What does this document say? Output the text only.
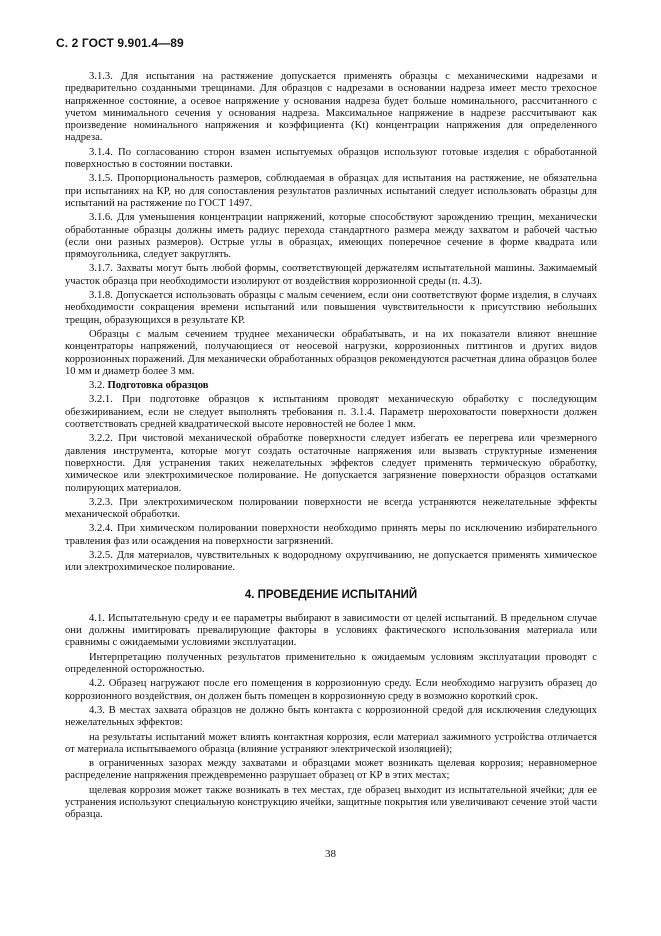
С. 2 ГОСТ 9.901.4—89

3.1.3. Для испытания на растяжение допускается применять образцы с механическими надрезами и предварительно созданными трещинами. Для образцов с надрезами в основании надреза имеет место трехосное напряженное состояние, а осевое напряжение у основания надреза будет больше номинального, рассчитанного с учетом минимального сечения у основания надреза. Максимальное напряжение в надрезе рассчитывают как произведение номинального напряжения и коэффициента (Kt) концентрации напряжения для определенного надреза.

3.1.4. По согласованию сторон взамен испытуемых образцов используют готовые изделия с обработанной поверхностью в состоянии поставки.

3.1.5. Пропорциональность размеров, соблюдаемая в образцах для испытания на растяжение, не обязательна при испытаниях на КР, но для сопоставления результатов различных испытаний следует использовать образцы для испытаний на растяжение по ГОСТ 1497.

3.1.6. Для уменьшения концентрации напряжений, которые способствуют зарождению трещин, механически обработанные образцы должны иметь радиус перехода стандартного размера между захватом и рабочей частью (если они разных размеров). Острые углы в образцах, имеющих поперечное сечение в форме квадрата или прямоугольника, следует закруглять.

3.1.7. Захваты могут быть любой формы, соответствующей держателям испытательной машины. Зажимаемый участок образца при необходимости изолируют от воздействия коррозионной среды (п. 4.3).

3.1.8. Допускается использовать образцы с малым сечением, если они соответствуют форме изделия, в случаях необходимости сокращения времени испытаний или повышения чувствительности к присутствию небольших трещин, образующихся в результате КР.

Образцы с малым сечением труднее механически обрабатывать, и на их показатели влияют внешние концентраторы напряжений, получающиеся от неосевой нагрузки, коррозионных питтингов и других видов коррозионных поражений. Для механически обработанных образцов рекомендуются расчетная длина образцов более 10 мм и диаметр более 3 мм.

3.2. Подготовка образцов

3.2.1. При подготовке образцов к испытаниям проводят механическую обработку с последующим обезжириванием, если не следует выполнять требования п. 3.1.4. Параметр шероховатости поверхности должен соответствовать средней квадратической высоте неровностей не более 1 мкм.

3.2.2. При чистовой механической обработке поверхности следует избегать ее перегрева или чрезмерного давления инструмента, которые могут создать остаточные напряжения или вызвать структурные изменения поверхности. Для устранения таких нежелательных эффектов следует применять термическую обработку, химическое или электрохимическое полирование. Не допускается загрязнение поверхности образцов остатками полирующих материалов.

3.2.3. При электрохимическом полировании поверхности не всегда устраняются нежелательные эффекты механической обработки.

3.2.4. При химическом полировании поверхности необходимо принять меры по исключению избирательного травления фаз или осаждения на поверхности загрязнений.

3.2.5. Для материалов, чувствительных к водородному охрупчиванию, не допускается применять химическое или электрохимическое полирование.

4. ПРОВЕДЕНИЕ ИСПЫТАНИЙ

4.1. Испытательную среду и ее параметры выбирают в зависимости от целей испытаний. В предельном случае они должны имитировать превалирующие факторы в условиях фактического использования материала или сравнимы с ожидаемыми условиями эксплуатации.

Интерпретацию полученных результатов применительно к ожидаемым условиям эксплуатации проводят с определенной осторожностью.

4.2. Образец нагружают после его помещения в коррозионную среду. Если необходимо нагрузить образец до коррозионного воздействия, он должен быть помещен в коррозионную среду в возможно короткий срок.

4.3. В местах захвата образцов не должно быть контакта с коррозионной средой для исключения следующих нежелательных эффектов:

на результаты испытаний может влиять контактная коррозия, если материал зажимного устройства отличается от материала испытываемого образца (влияние устраняют электрической изоляцией);

в ограниченных зазорах между захватами и образцами может возникать щелевая коррозия; неравномерное распределение напряжения преждевременно разрушает образец от КР в этих местах;

щелевая коррозия может также возникать в тех местах, где образец выходит из испытательной ячейки; для ее устранения используют специальную конструкцию ячейки, защитные покрытия или увеличивают сечение этой части образца.

38
